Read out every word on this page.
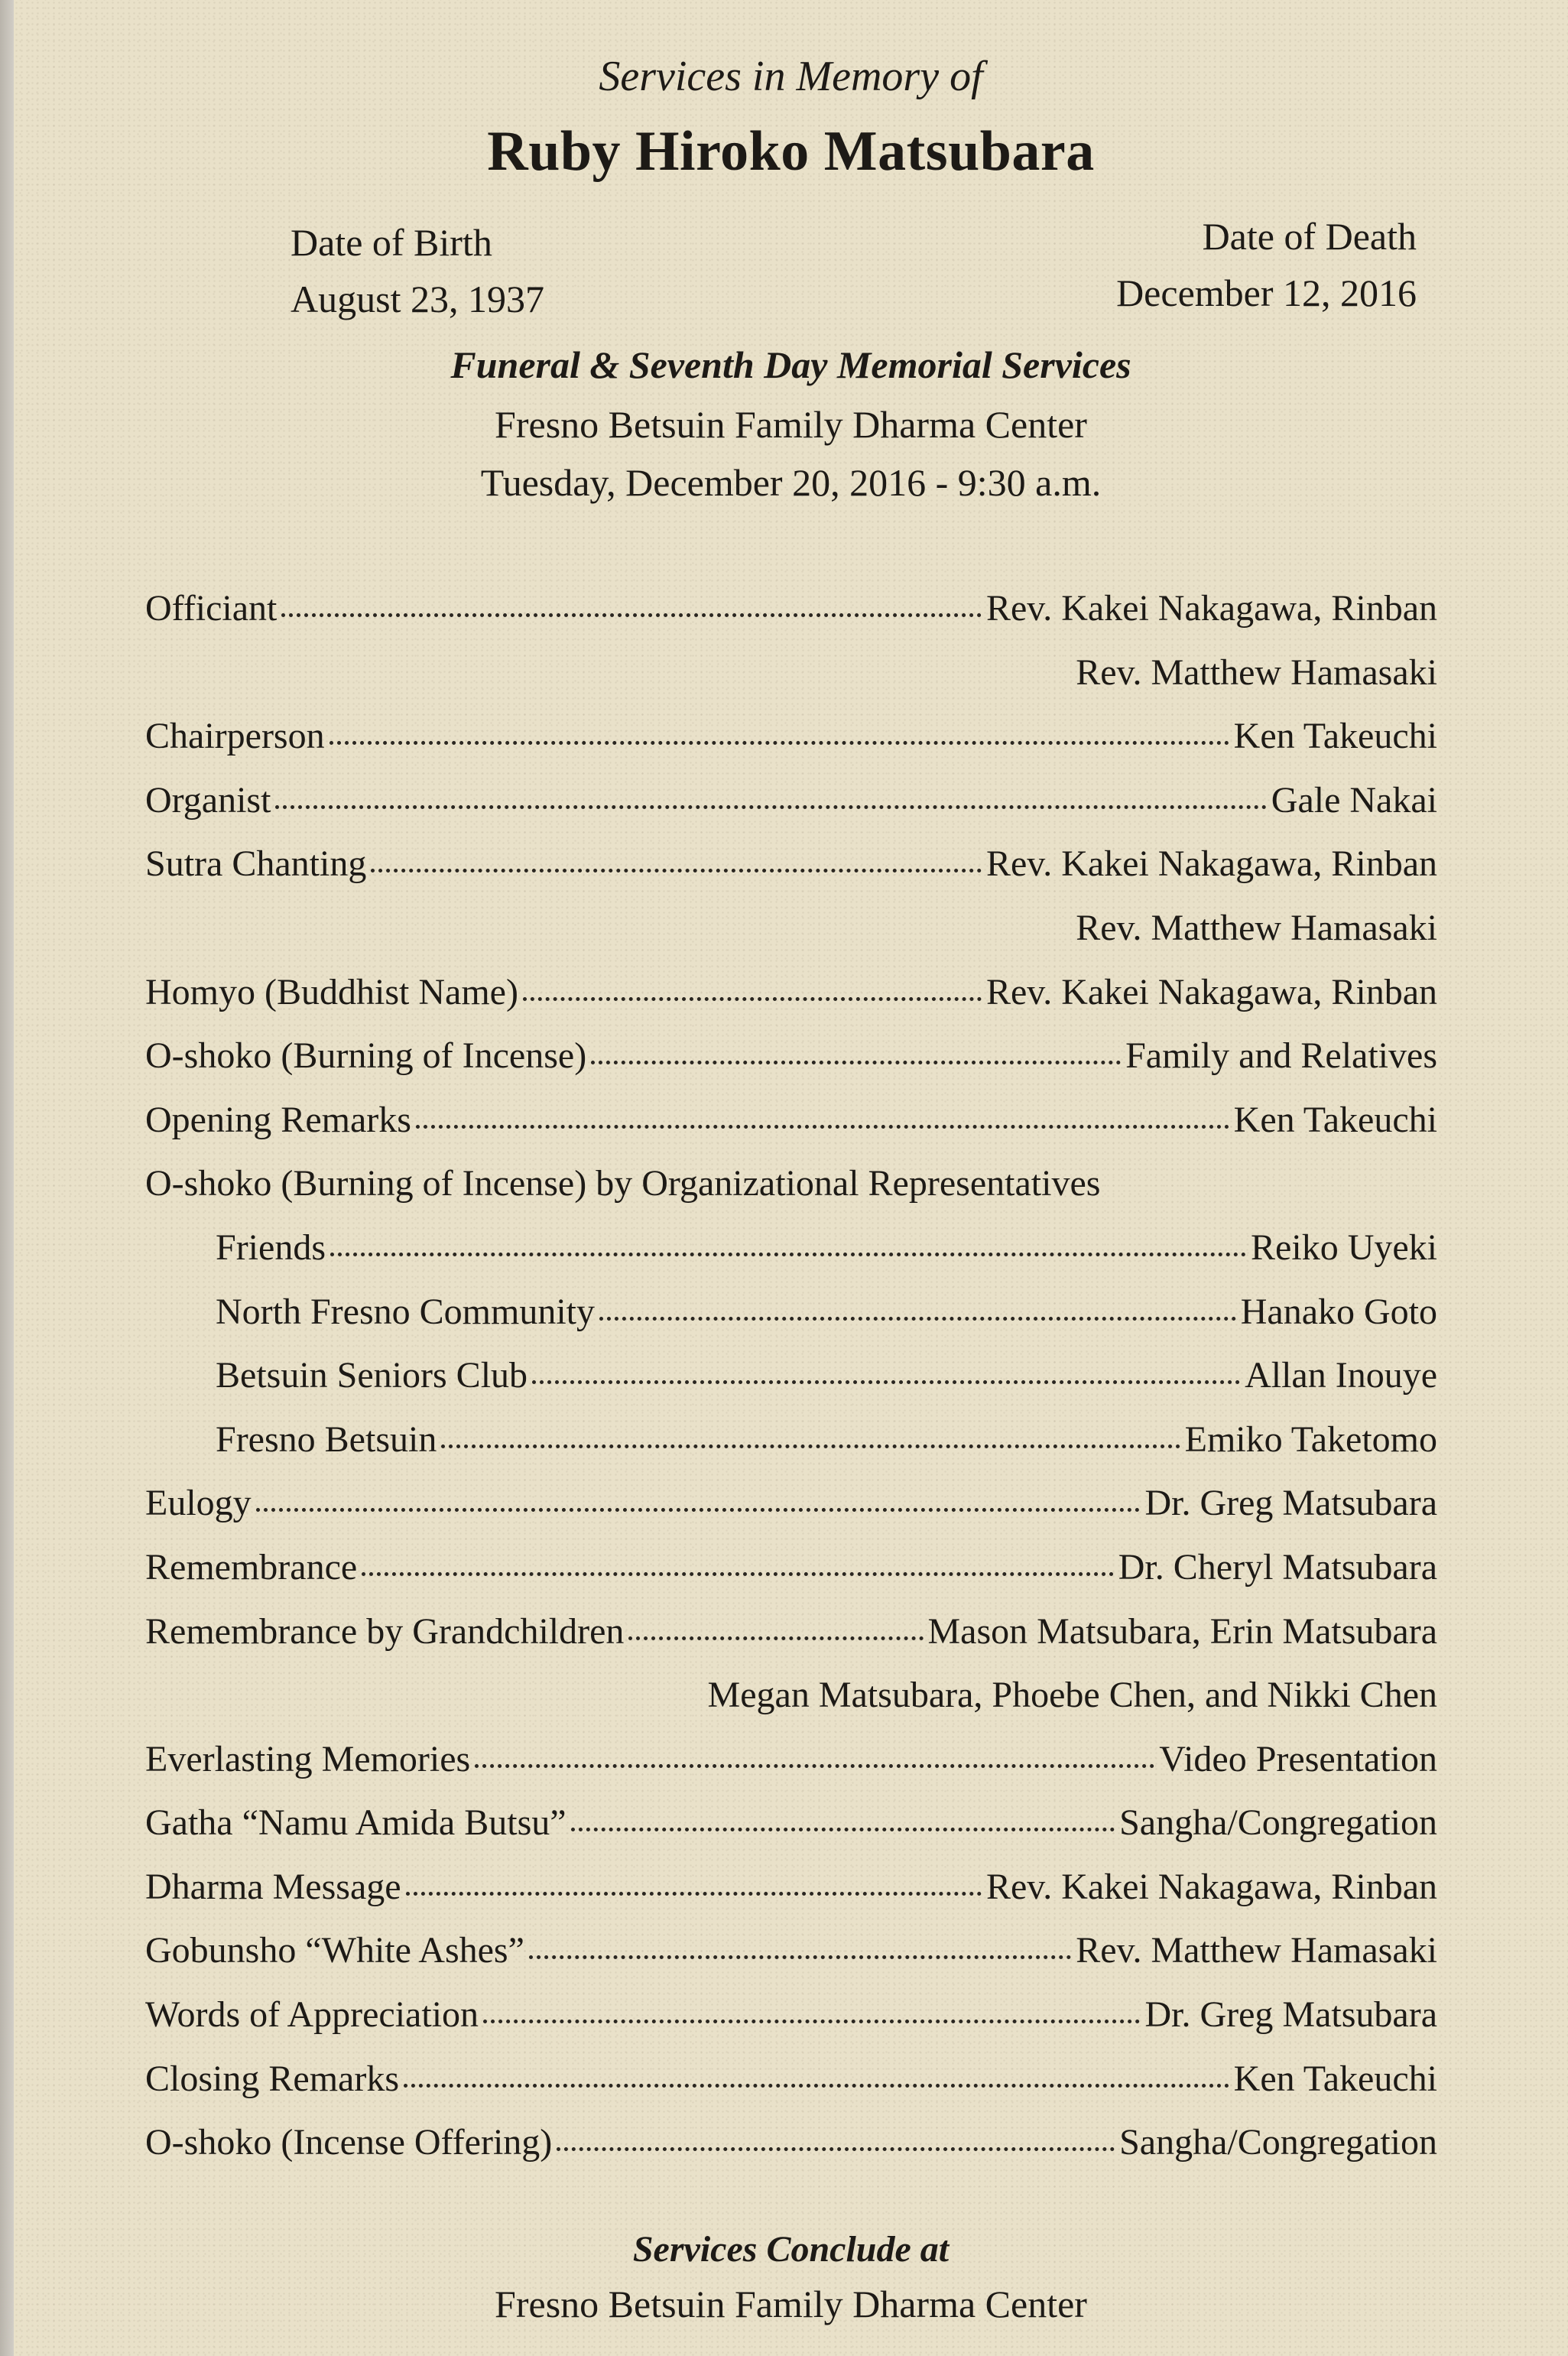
Services in Memory of
Ruby Hiroko Matsubara
Date of Birth
August 23, 1937
Date of Death
December 12, 2016
Funeral & Seventh Day Memorial Services
Fresno Betsuin Family Dharma Center
Tuesday, December 20, 2016 - 9:30 a.m.
Officiant	Rev. Kakei Nakagawa, Rinban
Rev. Matthew Hamasaki
Chairperson	Ken Takeuchi
Organist	Gale Nakai
Sutra Chanting	Rev. Kakei Nakagawa, Rinban
Rev. Matthew Hamasaki
Homyo (Buddhist Name)	Rev. Kakei Nakagawa, Rinban
O-shoko (Burning of Incense)	Family and Relatives
Opening Remarks	Ken Takeuchi
O-shoko (Burning of Incense) by Organizational Representatives
Friends	Reiko Uyeki
North Fresno Community	Hanako Goto
Betsuin Seniors Club	Allan Inouye
Fresno Betsuin	Emiko Taketomo
Eulogy	Dr. Greg Matsubara
Remembrance	Dr. Cheryl Matsubara
Remembrance by Grandchildren	Mason Matsubara, Erin Matsubara
Megan Matsubara, Phoebe Chen, and Nikki Chen
Everlasting Memories	Video Presentation
Gatha “Namu Amida Butsu”	Sangha/Congregation
Dharma Message	Rev. Kakei Nakagawa, Rinban
Gobunsho “White Ashes”	Rev. Matthew Hamasaki
Words of Appreciation	Dr. Greg Matsubara
Closing Remarks	Ken Takeuchi
O-shoko (Incense Offering)	Sangha/Congregation
Services Conclude at
Fresno Betsuin Family Dharma Center
